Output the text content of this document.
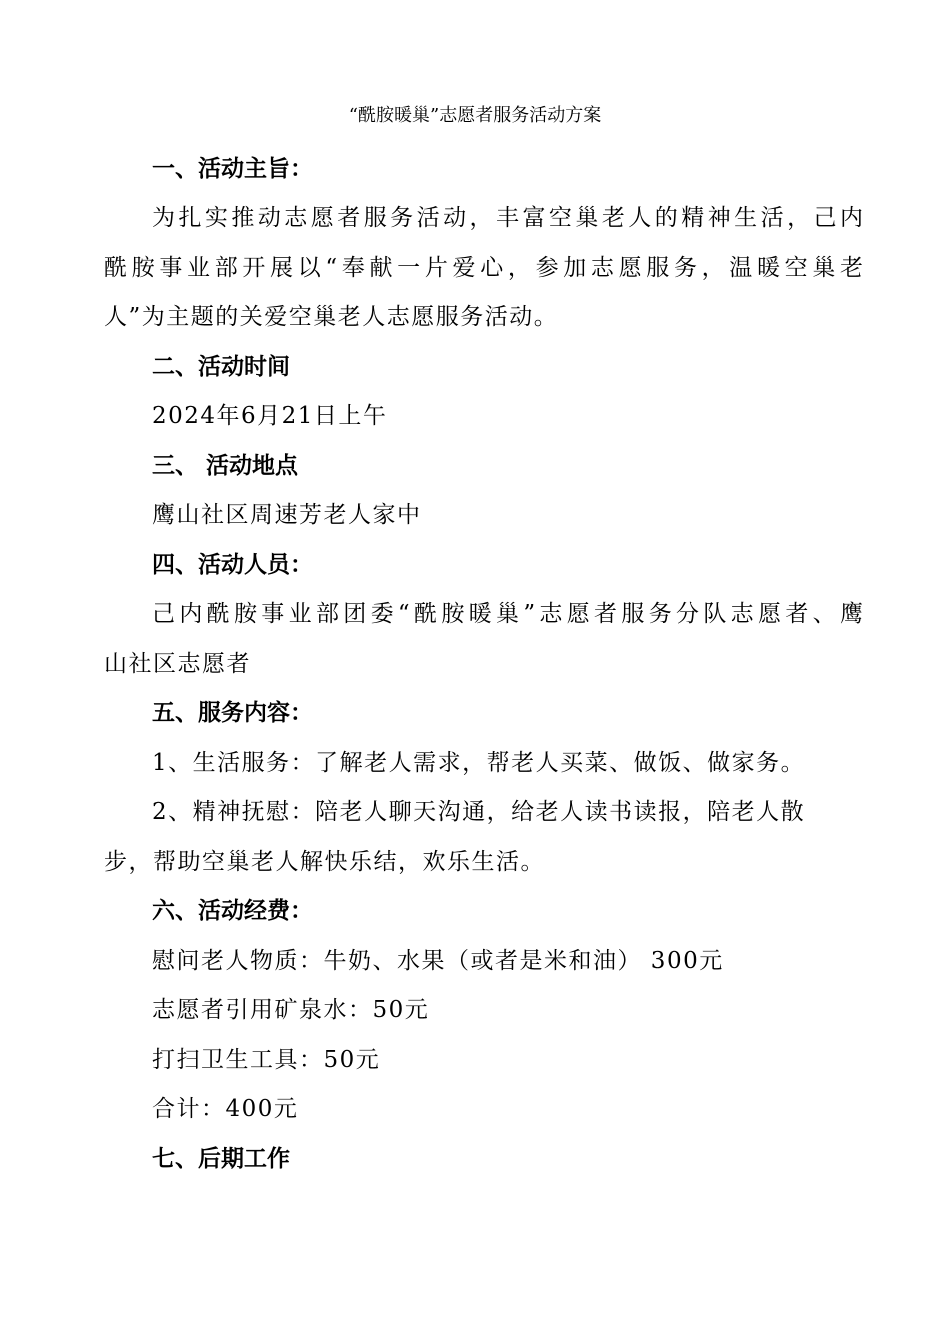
“酰胺暖巢”志愿者服务活动方案
一、活动主旨：
为扎实推动志愿者服务活动，丰富空巢老人的精神生活，己内
酰胺事业部开展以“奉献一片爱心，参加志愿服务，温暖空巢老
人”为主题的关爱空巢老人志愿服务活动。
二、活动时间
2024年6月21日上午
三、 活动地点
鹰山社区周速芳老人家中
四、活动人员：
己内酰胺事业部团委“酰胺暖巢”志愿者服务分队志愿者、鹰
山社区志愿者
五、服务内容：
1、生活服务：了解老人需求，帮老人买菜、做饭、做家务。
2、精神抚慰：陪老人聊天沟通，给老人读书读报，陪老人散
步，帮助空巢老人解快乐结，欢乐生活。
六、活动经费：
慰问老人物质：牛奶、水果（或者是米和油） 300元
志愿者引用矿泉水：50元
打扫卫生工具：50元
合计：400元
七、后期工作
